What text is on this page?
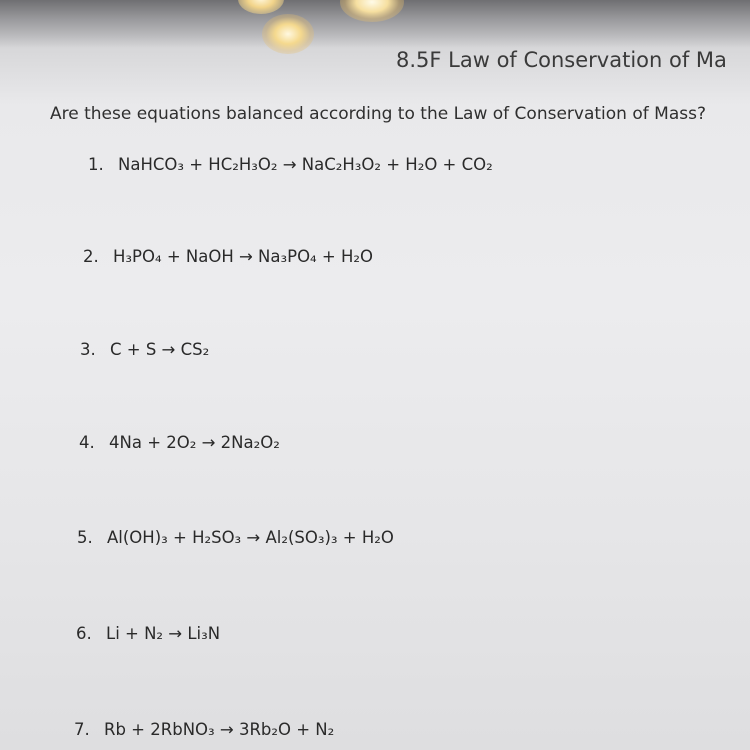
8.5F Law of Conservation of Ma
Are these equations balanced according to the Law of Conservation of Mass?
1. NaHCO₃ + HC₂H₃O₂ → NaC₂H₃O₂ + H₂O + CO₂
2. H₃PO₄ + NaOH → Na₃PO₄ + H₂O
3. C + S → CS₂
4. 4Na + 2O₂ → 2Na₂O₂
5. Al(OH)₃ + H₂SO₃ → Al₂(SO₃)₃ + H₂O
6. Li + N₂ → Li₃N
7. Rb + 2RbNO₃ → 3Rb₂O + N₂
